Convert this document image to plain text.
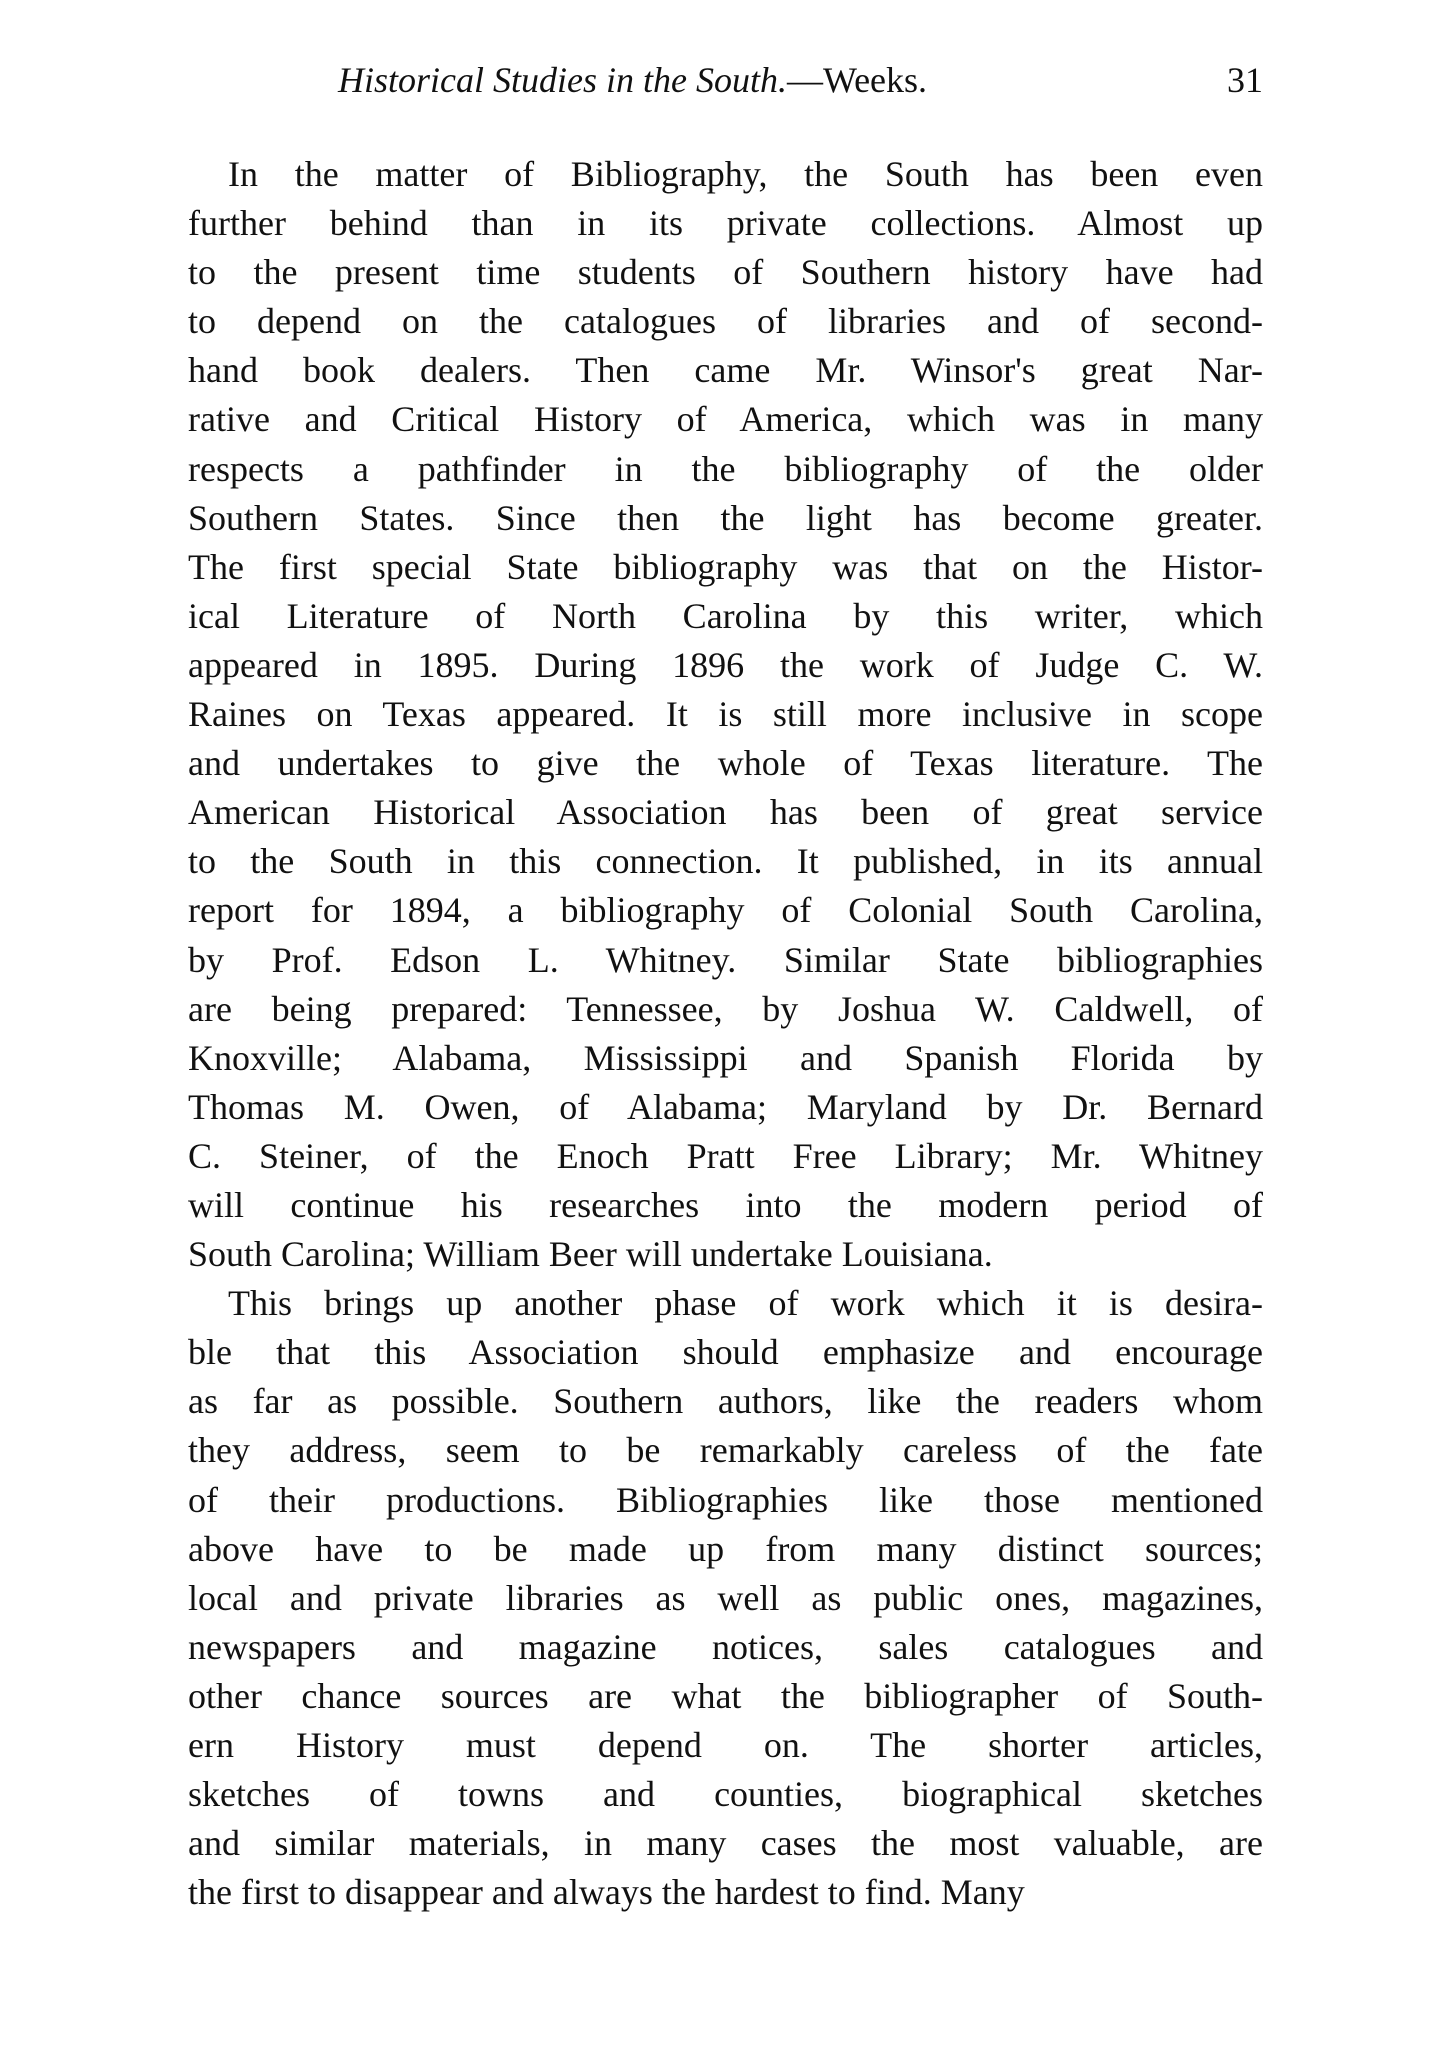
Historical Studies in the South.—Weeks.	31
In the matter of Bibliography, the South has been even
further behind than in its private collections. Almost up
to the present time students of Southern history have had
to depend on the catalogues of libraries and of second-
hand book dealers. Then came Mr. Winsor's great Nar-
rative and Critical History of America, which was in many
respects a pathfinder in the bibliography of the older
Southern States. Since then the light has become greater.
The first special State bibliography was that on the Histor-
ical Literature of North Carolina by this writer, which
appeared in 1895. During 1896 the work of Judge C. W.
Raines on Texas appeared. It is still more inclusive in scope
and undertakes to give the whole of Texas literature. The
American Historical Association has been of great service
to the South in this connection. It published, in its annual
report for 1894, a bibliography of Colonial South Carolina,
by Prof. Edson L. Whitney. Similar State bibliographies
are being prepared: Tennessee, by Joshua W. Caldwell, of
Knoxville; Alabama, Mississippi and Spanish Florida by
Thomas M. Owen, of Alabama; Maryland by Dr. Bernard
C. Steiner, of the Enoch Pratt Free Library; Mr. Whitney
will continue his researches into the modern period of
South Carolina; William Beer will undertake Louisiana.
This brings up another phase of work which it is desira-
ble that this Association should emphasize and encourage
as far as possible. Southern authors, like the readers whom
they address, seem to be remarkably careless of the fate
of their productions. Bibliographies like those mentioned
above have to be made up from many distinct sources;
local and private libraries as well as public ones, magazines,
newspapers and magazine notices, sales catalogues and
other chance sources are what the bibliographer of South-
ern History must depend on. The shorter articles,
sketches of towns and counties, biographical sketches
and similar materials, in many cases the most valuable, are
the first to disappear and always the hardest to find. Many
